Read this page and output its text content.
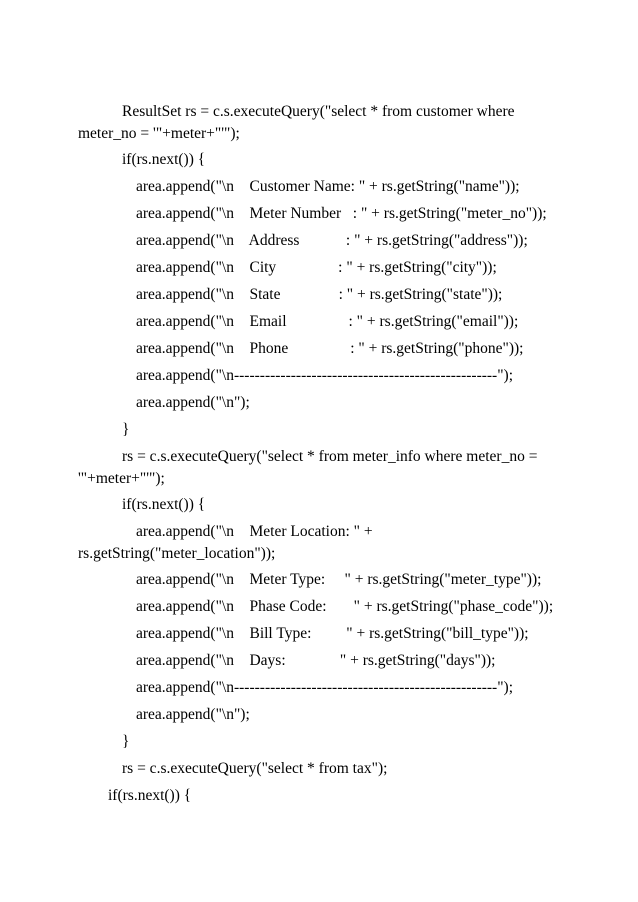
ResultSet rs = c.s.executeQuery("select * from customer where

meter_no = '"+meter+"'");

if(rs.next()) {

area.append("\n    Customer Name: " + rs.getString("name"));

area.append("\n    Meter Number   : " + rs.getString("meter_no"));

area.append("\n    Address            : " + rs.getString("address"));

area.append("\n    City                : " + rs.getString("city"));

area.append("\n    State               : " + rs.getString("state"));

area.append("\n    Email                : " + rs.getString("email"));

area.append("\n    Phone                : " + rs.getString("phone"));

area.append("\n---------------------------------------------------");

area.append("\n");

}

rs = c.s.executeQuery("select * from meter_info where meter_no =

'"+meter+"'");

if(rs.next()) {

area.append("\n    Meter Location: " +

rs.getString("meter_location"));

area.append("\n    Meter Type:     " + rs.getString("meter_type"));

area.append("\n    Phase Code:       " + rs.getString("phase_code"));

area.append("\n    Bill Type:         " + rs.getString("bill_type"));

area.append("\n    Days:              " + rs.getString("days"));

area.append("\n---------------------------------------------------");

area.append("\n");

}

rs = c.s.executeQuery("select * from tax");

if(rs.next()) {
